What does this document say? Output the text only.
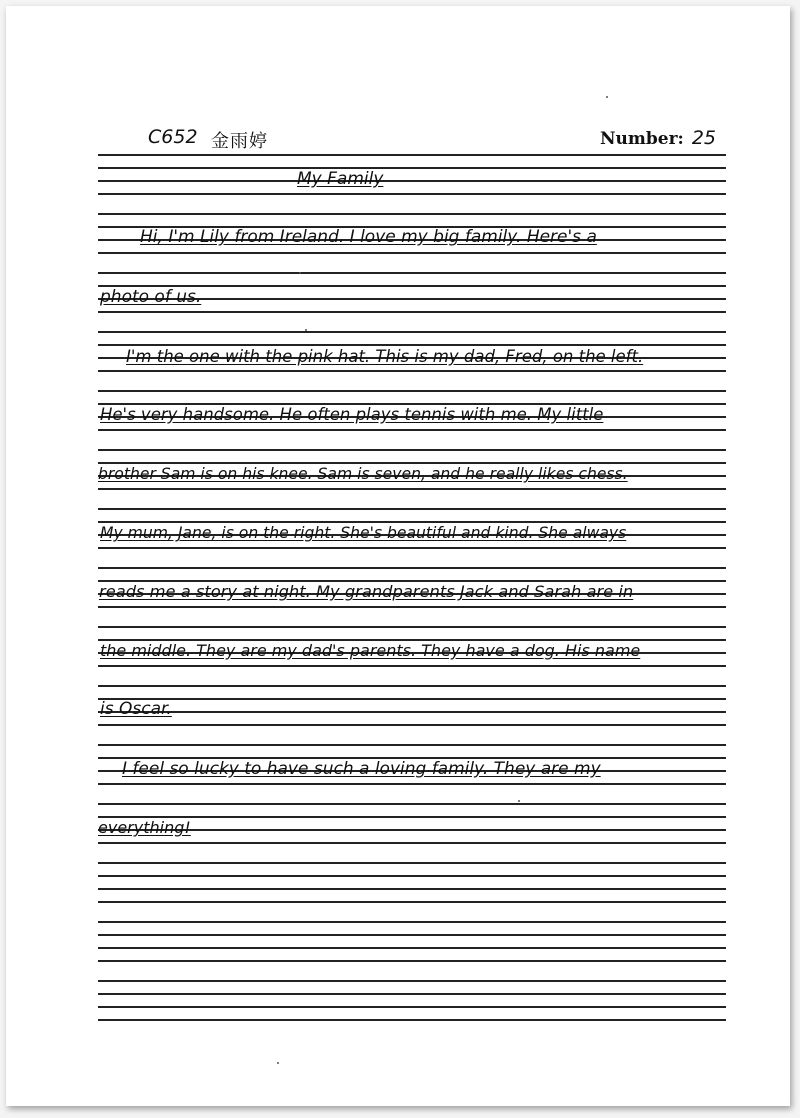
C652 金雨婷	Number: 25
My Family
Hi, I'm Lily from Ireland. I love my big family. Here's a
photo of us.
I'm the one with the pink hat. This is my dad, Fred, on the left.
He's very handsome. He often plays tennis with me. My little
brother Sam is on his knee. Sam is seven, and he really likes chess.
My mum, Jane, is on the right. She's beautiful and kind. She always
reads me a story at night. My grandparents Jack and Sarah are in
the middle. They are my dad's parents. They have a dog. His name
is Oscar.
I feel so lucky to have such a loving family. They are my
everything!
